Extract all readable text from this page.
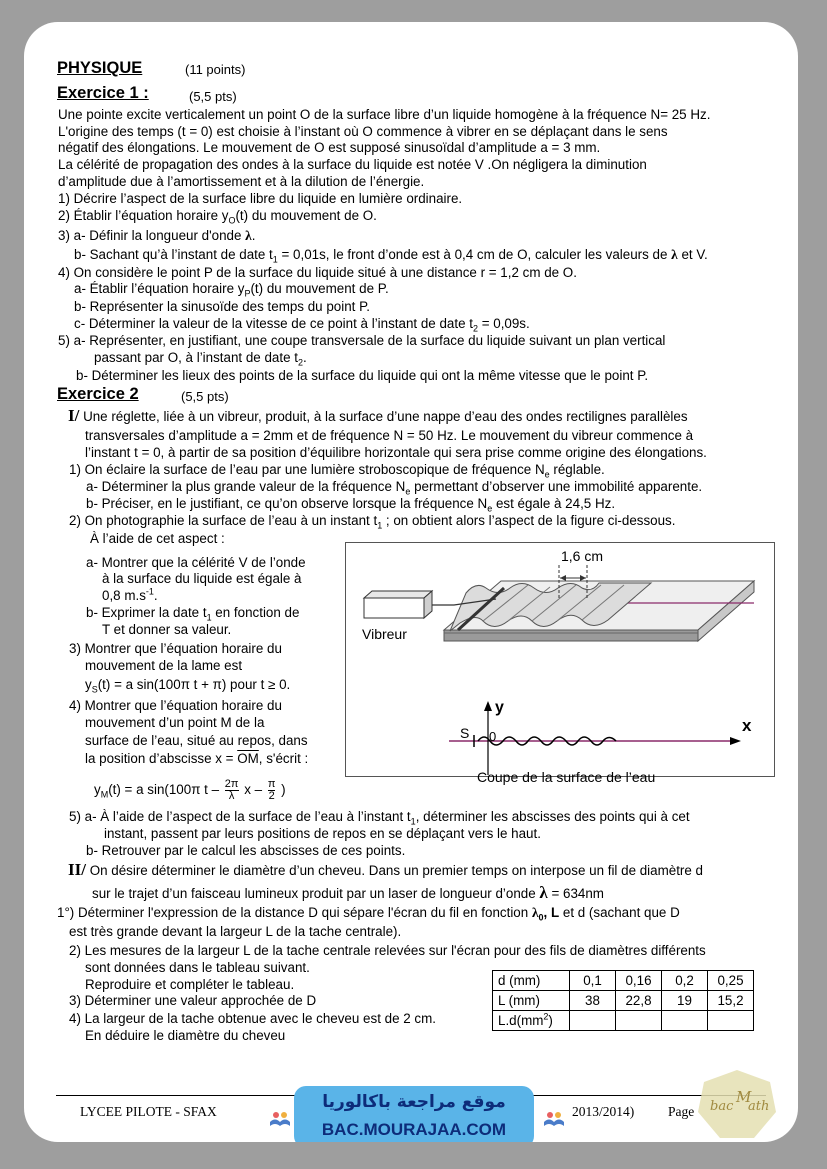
PHYSIQUE	(11 points)
Exercice 1 :	(5,5 pts)
Une pointe excite verticalement un point O de la surface libre d’un liquide homogène à la fréquence N= 25 Hz.
L'origine des temps (t = 0) est choisie à l’instant où O commence à vibrer en se déplaçant dans le sens
négatif des élongations. Le mouvement de O est supposé sinusoïdal d’amplitude a = 3 mm.
La célérité de propagation des ondes à la surface du liquide est notée V .On négligera la diminution
d’amplitude due à l’amortissement et à la dilution de l’énergie.
1) Décrire l’aspect de la surface libre du liquide en lumière ordinaire.
2) Établir l’équation horaire $y_O(t)$ du mouvement de O.
3) a- Définir la longueur d'onde λ.
b- Sachant qu’à l’instant de date $t_1 = 0,01s$, le front d’onde est à 0,4 cm de O, calculer les valeurs de λ et V.
4) On considère le point P de la surface du liquide situé à une distance r = 1,2 cm de O.
a- Établir l’équation horaire $y_P(t)$ du mouvement de P.
b- Représenter la sinusoïde des temps du point P.
c- Déterminer la valeur de la vitesse de ce point à l’instant de date $t_2 = 0,09s$.
5) a- Représenter, en justifiant, une coupe transversale de la surface du liquide suivant un plan vertical
passant par O, à l’instant de date $t_2$.
b- Déterminer les lieux des points de la surface du liquide qui ont la même vitesse que le point P.
Exercice 2	(5,5 pts)
I/ Une réglette, liée à un vibreur, produit, à la surface d’une nappe d’eau des ondes rectilignes parallèles
transversales d’amplitude a = 2mm et de fréquence N = 50 Hz. Le mouvement du vibreur commence à
l’instant t = 0, à partir de sa position d’équilibre horizontale qui sera prise comme origine des élongations.
1) On éclaire la surface de l’eau par une lumière stroboscopique de fréquence $N_e$ réglable.
a- Déterminer la plus grande valeur de la fréquence $N_e$ permettant d’observer une immobilité apparente.
b- Préciser, en le justifiant, ce qu’on observe lorsque la fréquence $N_e$ est égale à 24,5 Hz.
2) On photographie la surface de l’eau à un instant $t_1$ ; on obtient alors l’aspect de la figure ci-dessous.
À l’aide de cet aspect :
a- Montrer que la célérité V de l’onde
à la surface du liquide est égale à
0,8 $m.s^{-1}$.
b- Exprimer la date $t_1$ en fonction de
T et donner sa valeur.
3) Montrer que l’équation horaire du
mouvement de la lame est
$y_S(t) = a$ sin(100π t + π) pour t ≥ 0.
4) Montrer que l’équation horaire du
mouvement d’un point M de la
surface de l’eau, situé au repos, dans
la position d’abscisse $x = \overline{OM}$, s'écrit :
$y_M(t) = a$ sin(100π t – $\frac{2\pi}{\lambda}$ x – $\frac{\pi}{2}$ )
5) a- À l’aide de l’aspect de la surface de l’eau à l’instant $t_1$, déterminer les abscisses des points qui à cet
instant, passent par leurs positions de repos en se déplaçant vers le haut.
b- Retrouver par le calcul les abscisses de ces points.
II/ On désire déterminer le diamètre d’un cheveu. Dans un premier temps on interpose un fil de diamètre d
sur le trajet d’un faisceau lumineux produit par un laser de longueur d’onde λ = 634nm
1°) Déterminer l'expression de la distance D qui sépare l'écran du fil en fonction $\lambda_0$, L et d (sachant que D
est très grande devant la largeur L de la tache centrale).
2) Les mesures de la largeur L de la tache centrale relevées sur l'écran pour des fils de diamètres différents
sont données dans le tableau suivant.
Reproduire et compléter le tableau.
3) Déterminer une valeur approchée de D
4) La largeur de la tache obtenue avec le cheveu est de 2 cm.
En déduire le diamètre du cheveu
d (mm)	0,1	0,16	0,2	0,25
L (mm)	38	22,8	19	15,2
$L.d(mm^2)$				
1,6 cm
Vibreur
S 0
y
x
Coupe de la surface de l’eau
LYCEE PILOTE - SFAX	2013/2014)	Page
موقع مراجعة باكالوريا
BAC.MOURAJAA.COM
bac
M
ath
